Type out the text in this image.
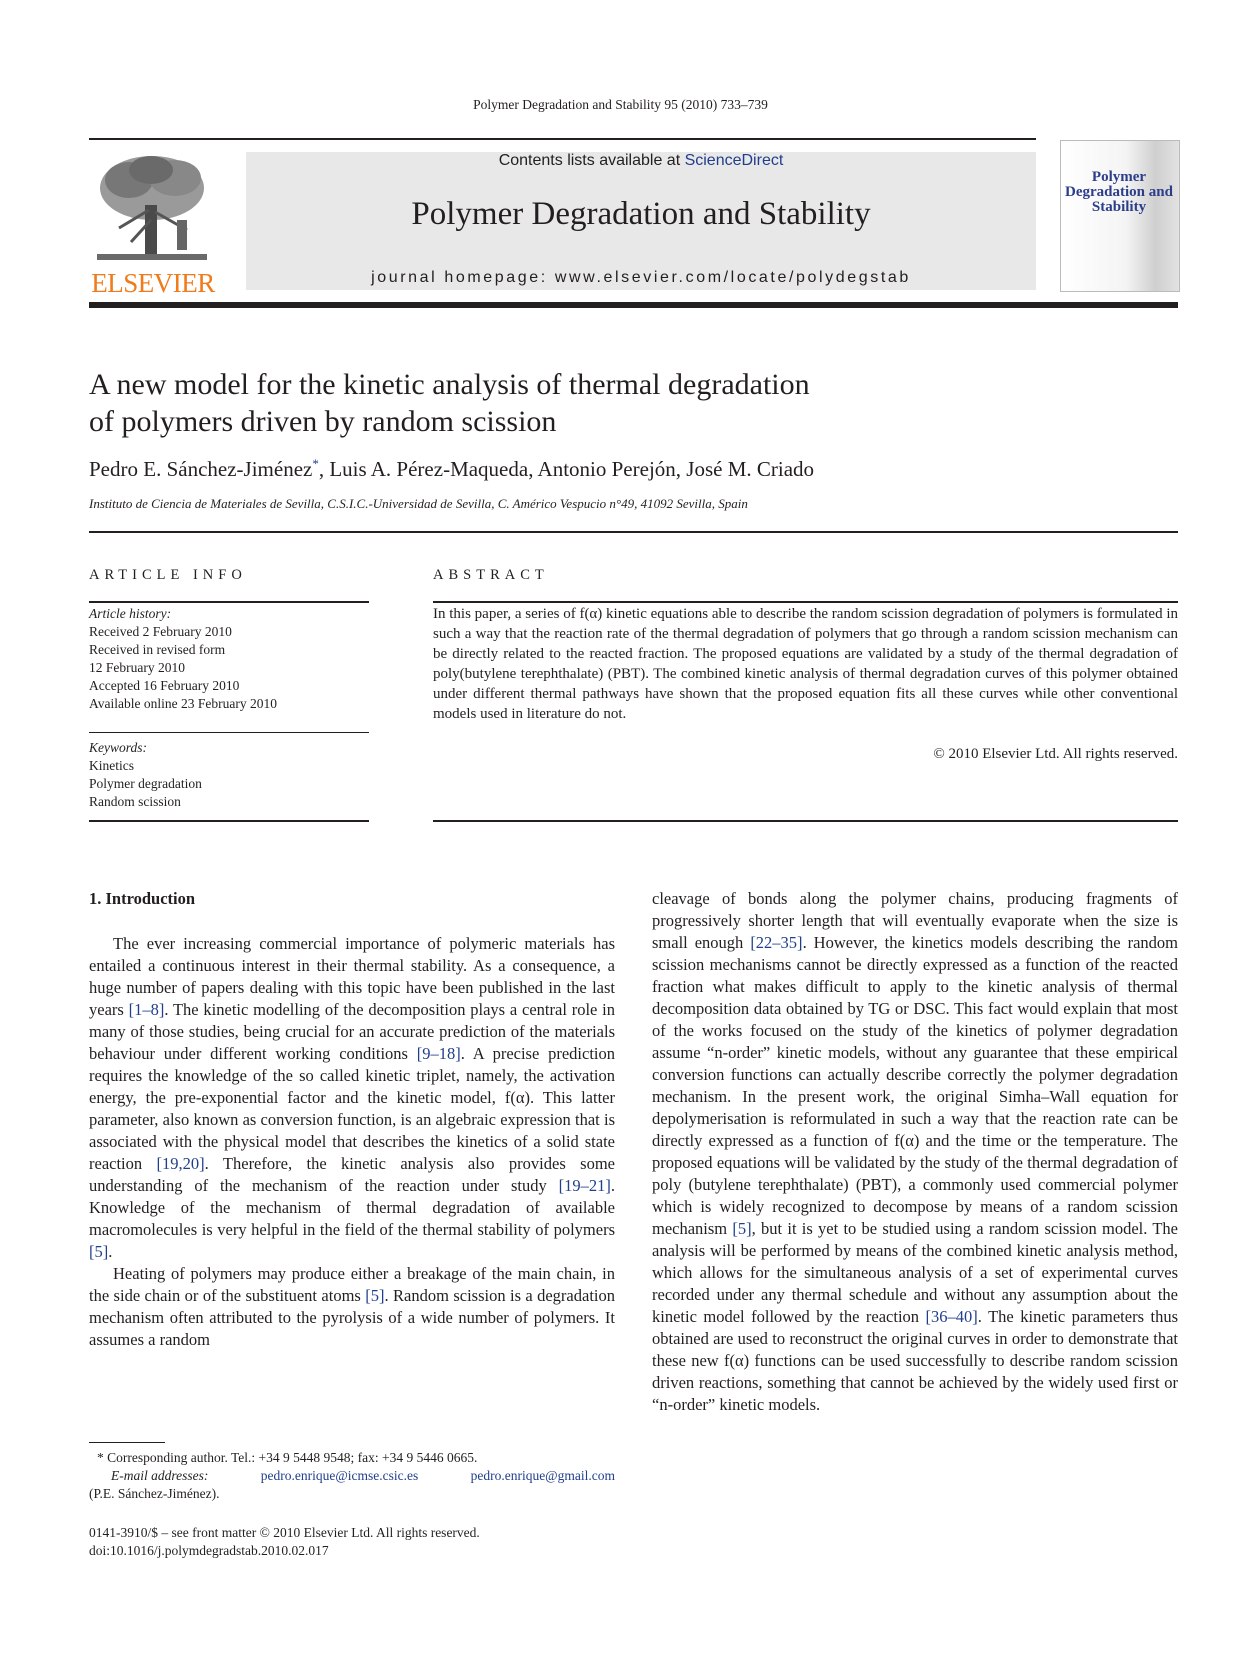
Polymer Degradation and Stability 95 (2010) 733–739
ELSEVIER
Contents lists available at ScienceDirect
Polymer Degradation and Stability
journal homepage: www.elsevier.com/locate/polydegstab
Polymer Degradation and Stability
A new model for the kinetic analysis of thermal degradation
of polymers driven by random scission
Pedro E. Sánchez-Jiménez*, Luis A. Pérez-Maqueda, Antonio Perejón, José M. Criado
Instituto de Ciencia de Materiales de Sevilla, C.S.I.C.-Universidad de Sevilla, C. Américo Vespucio n°49, 41092 Sevilla, Spain
ARTICLE INFO
Article history:
Received 2 February 2010
Received in revised form
12 February 2010
Accepted 16 February 2010
Available online 23 February 2010
Keywords:
Kinetics
Polymer degradation
Random scission
ABSTRACT
In this paper, a series of f(α) kinetic equations able to describe the random scission degradation of polymers is formulated in such a way that the reaction rate of the thermal degradation of polymers that go through a random scission mechanism can be directly related to the reacted fraction. The proposed equations are validated by a study of the thermal degradation of poly(butylene terephthalate) (PBT). The combined kinetic analysis of thermal degradation curves of this polymer obtained under different thermal pathways have shown that the proposed equation fits all these curves while other conventional models used in literature do not.
© 2010 Elsevier Ltd. All rights reserved.
1. Introduction

The ever increasing commercial importance of polymeric materials has entailed a continuous interest in their thermal stability. As a consequence, a huge number of papers dealing with this topic have been published in the last years [1–8]. The kinetic modelling of the decomposition plays a central role in many of those studies, being crucial for an accurate prediction of the materials behaviour under different working conditions [9–18]. A precise prediction requires the knowledge of the so called kinetic triplet, namely, the activation energy, the pre-exponential factor and the kinetic model, f(α). This latter parameter, also known as conversion function, is an algebraic expression that is associated with the physical model that describes the kinetics of a solid state reaction [19,20]. Therefore, the kinetic analysis also provides some understanding of the mechanism of the reaction under study [19–21]. Knowledge of the mechanism of thermal degradation of available macromolecules is very helpful in the field of the thermal stability of polymers [5].

Heating of polymers may produce either a breakage of the main chain, in the side chain or of the substituent atoms [5]. Random scission is a degradation mechanism often attributed to the pyrolysis of a wide number of polymers. It assumes a random

cleavage of bonds along the polymer chains, producing fragments of progressively shorter length that will eventually evaporate when the size is small enough [22–35]. However, the kinetics models describing the random scission mechanisms cannot be directly expressed as a function of the reacted fraction what makes difficult to apply to the kinetic analysis of thermal decomposition data obtained by TG or DSC. This fact would explain that most of the works focused on the study of the kinetics of polymer degradation assume “n-order” kinetic models, without any guarantee that these empirical conversion functions can actually describe correctly the polymer degradation mechanism. In the present work, the original Simha–Wall equation for depolymerisation is reformulated in such a way that the reaction rate can be directly expressed as a function of f(α) and the time or the temperature. The proposed equations will be validated by the study of the thermal degradation of poly (butylene terephthalate) (PBT), a commonly used commercial polymer which is widely recognized to decompose by means of a random scission mechanism [5], but it is yet to be studied using a random scission model. The analysis will be performed by means of the combined kinetic analysis method, which allows for the simultaneous analysis of a set of experimental curves recorded under any thermal schedule and without any assumption about the kinetic model followed by the reaction [36–40]. The kinetic parameters thus obtained are used to reconstruct the original curves in order to demonstrate that these new f(α) functions can be used successfully to describe random scission driven reactions, something that cannot be achieved by the widely used first or “n-order” kinetic models.

* Corresponding author. Tel.: +34 9 5448 9548; fax: +34 9 5446 0665.
E-mail addresses:	pedro.enrique@icmse.csic.es	pedro.enrique@gmail.com
(P.E. Sánchez-Jiménez).
0141-3910/$ – see front matter © 2010 Elsevier Ltd. All rights reserved.
doi:10.1016/j.polymdegradstab.2010.02.017
